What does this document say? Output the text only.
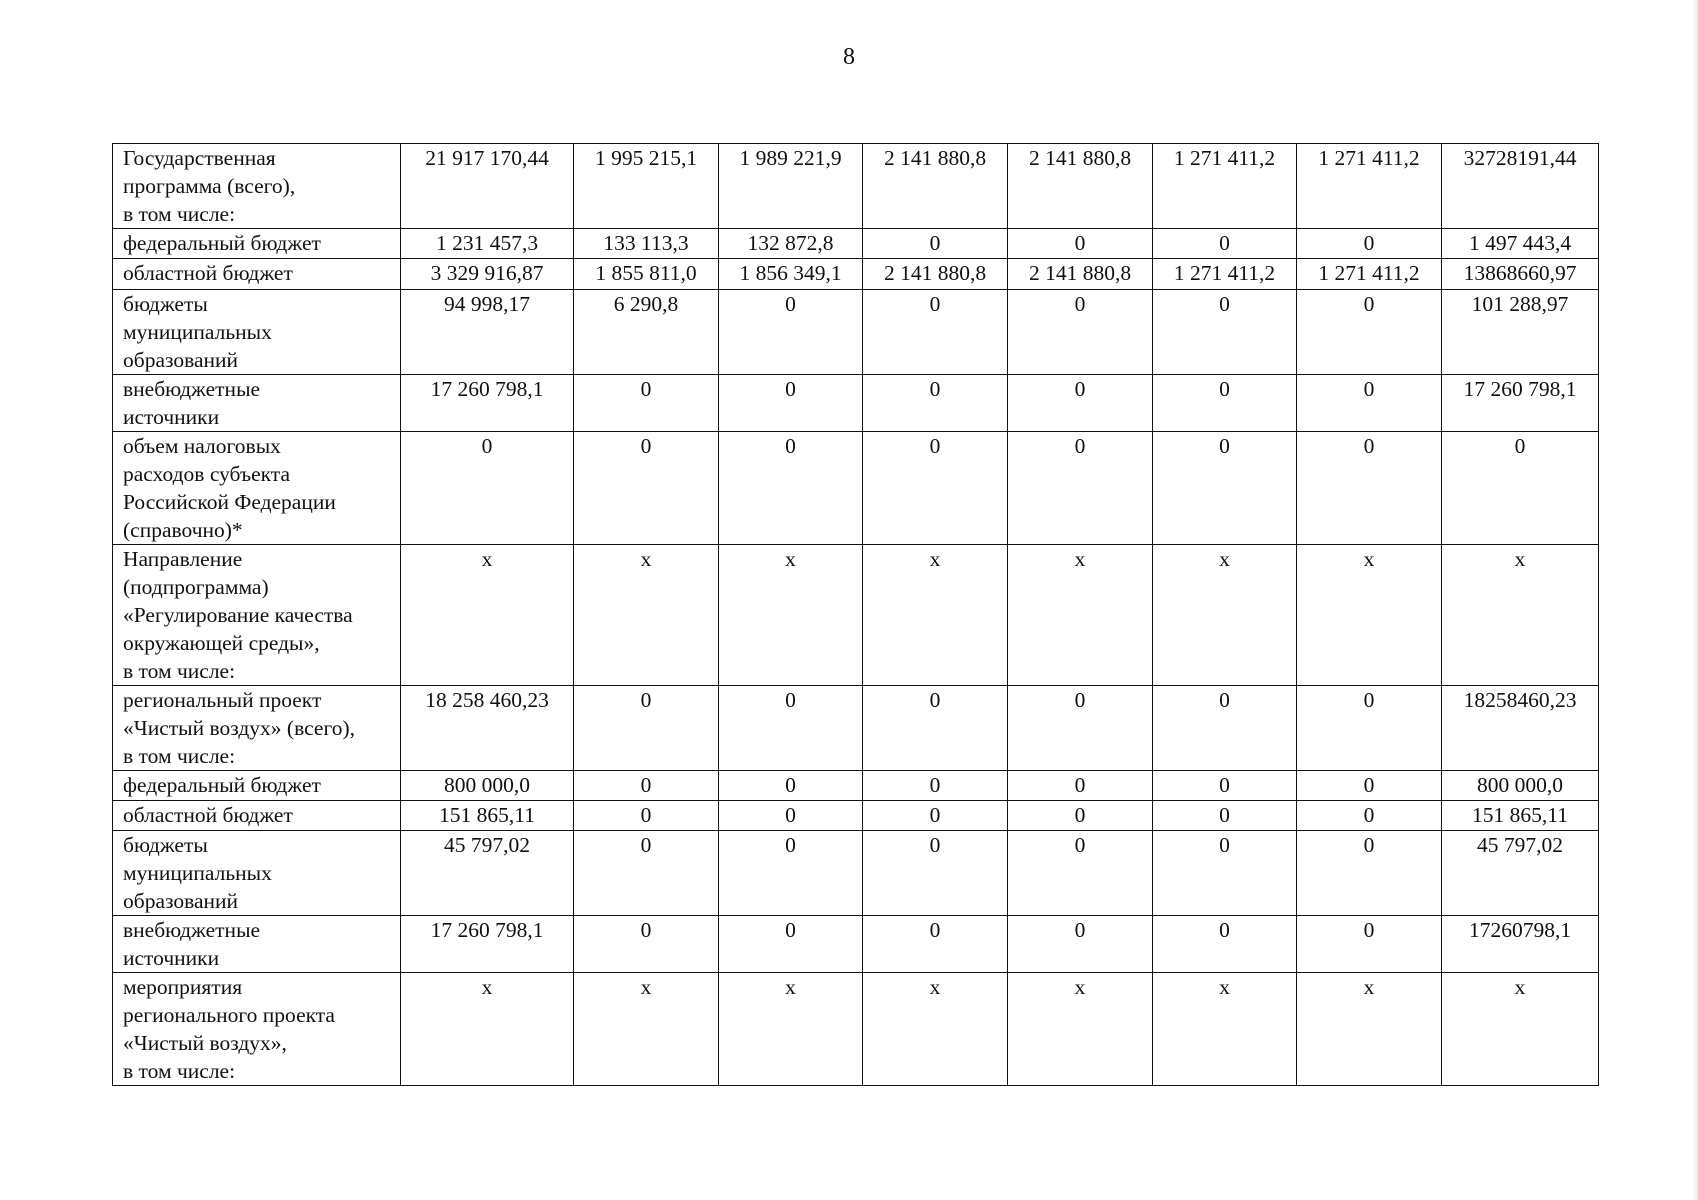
8
Государственная
программа (всего),
в том числе:	21 917 170,44	1 995 215,1	1 989 221,9	2 141 880,8	2 141 880,8	1 271 411,2	1 271 411,2	32728191,44
федеральный бюджет	1 231 457,3	133 113,3	132 872,8	0	0	0	0	1 497 443,4
областной бюджет	3 329 916,87	1 855 811,0	1 856 349,1	2 141 880,8	2 141 880,8	1 271 411,2	1 271 411,2	13868660,97
бюджеты
муниципальных
образований	94 998,17	6 290,8	0	0	0	0	0	101 288,97
внебюджетные
источники	17 260 798,1	0	0	0	0	0	0	17 260 798,1
объем налоговых
расходов субъекта
Российской Федерации
(справочно)*	0	0	0	0	0	0	0	0
Направление
(подпрограмма)
«Регулирование качества
окружающей среды»,
в том числе:	x	x	x	x	x	x	x	x
региональный проект
«Чистый воздух» (всего),
в том числе:	18 258 460,23	0	0	0	0	0	0	18258460,23
федеральный бюджет	800 000,0	0	0	0	0	0	0	800 000,0
областной бюджет	151 865,11	0	0	0	0	0	0	151 865,11
бюджеты
муниципальных
образований	45 797,02	0	0	0	0	0	0	45 797,02
внебюджетные
источники	17 260 798,1	0	0	0	0	0	0	17260798,1
мероприятия
регионального проекта
«Чистый воздух»,
в том числе:	x	x	x	x	x	x	x	x
